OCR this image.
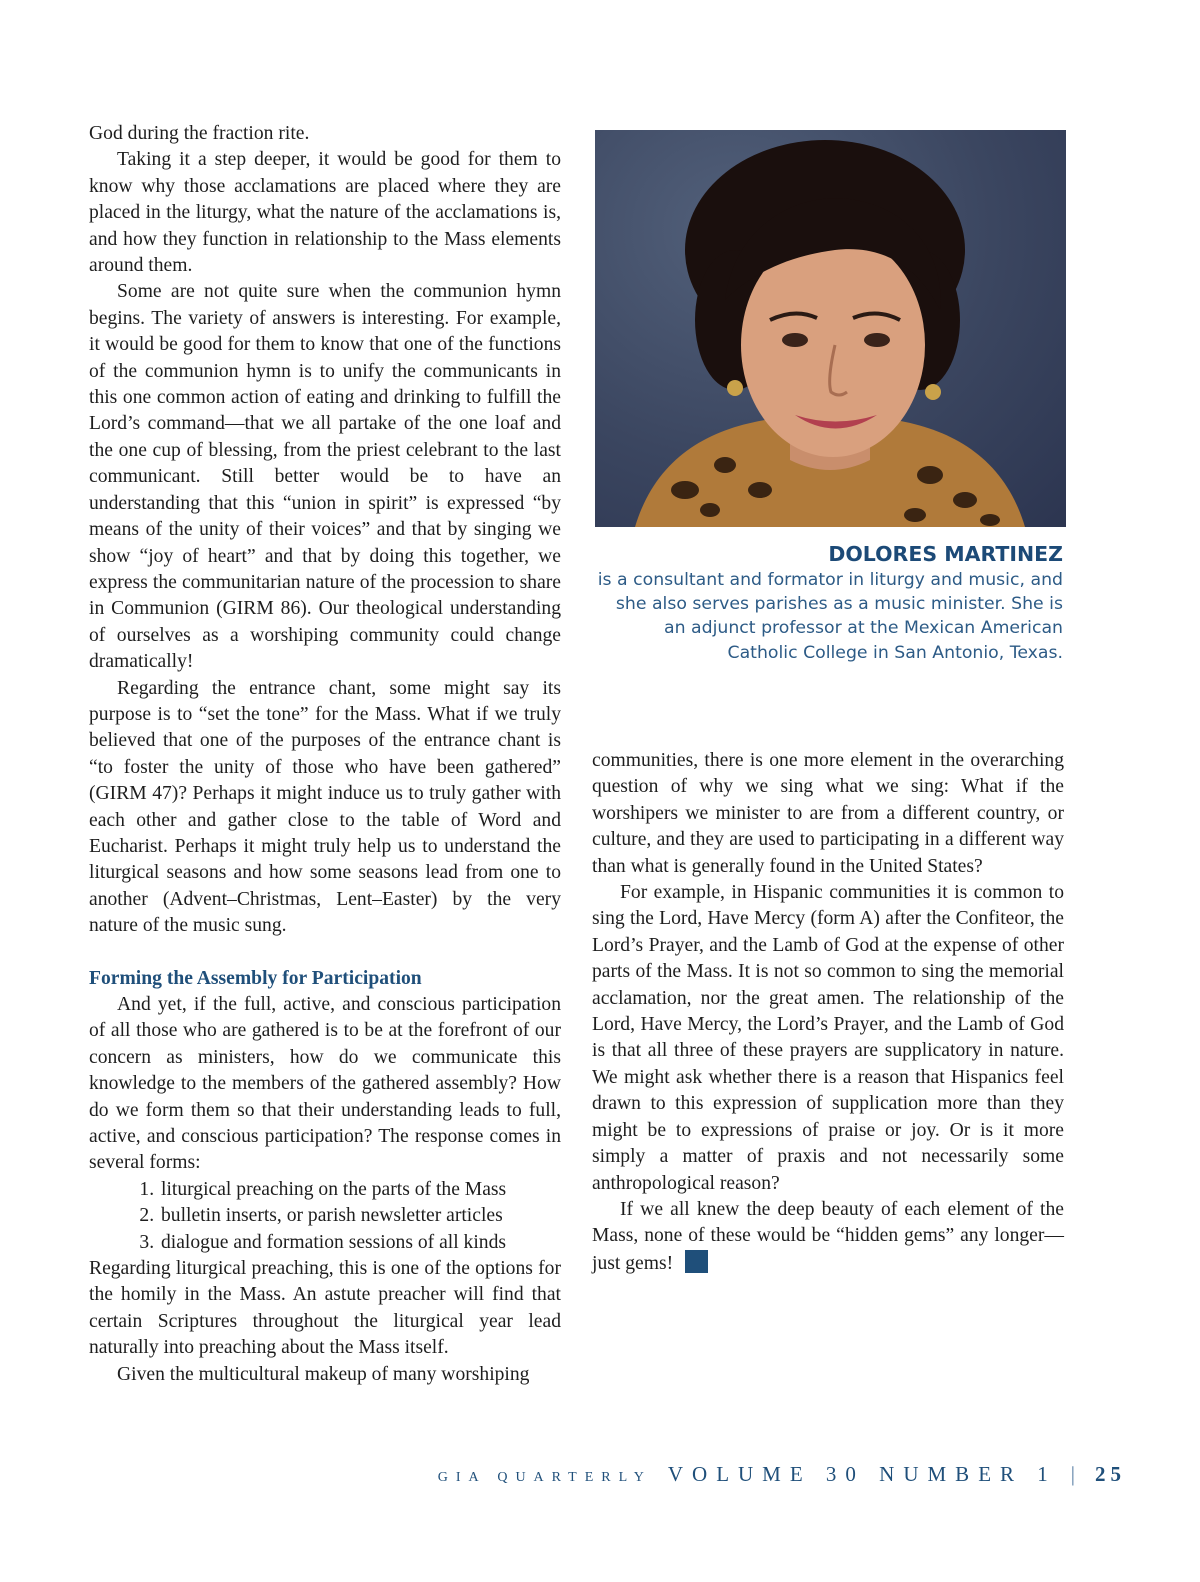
God during the fraction rite.

Taking it a step deeper, it would be good for them to know why those acclamations are placed where they are placed in the liturgy, what the nature of the acclamations is, and how they function in relationship to the Mass elements around them.

Some are not quite sure when the communion hymn begins. The variety of answers is interesting. For example, it would be good for them to know that one of the functions of the communion hymn is to unify the communicants in this one common action of eating and drinking to fulfill the Lord’s command—that we all partake of the one loaf and the one cup of blessing, from the priest celebrant to the last communicant. Still better would be to have an understanding that this “union in spirit” is expressed “by means of the unity of their voices” and that by singing we show “joy of heart” and that by doing this together, we express the communitarian nature of the procession to share in Communion (GIRM 86). Our theological understanding of ourselves as a worshiping community could change dramatically!

Regarding the entrance chant, some might say its purpose is to “set the tone” for the Mass. What if we truly believed that one of the purposes of the entrance chant is “to foster the unity of those who have been gathered” (GIRM 47)? Perhaps it might induce us to truly gather with each other and gather close to the table of Word and Eucharist. Perhaps it might truly help us to understand the liturgical seasons and how some seasons lead from one to another (Advent–Christmas, Lent–Easter) by the very nature of the music sung.

Forming the Assembly for Participation

And yet, if the full, active, and conscious participation of all those who are gathered is to be at the forefront of our concern as ministers, how do we communicate this knowledge to the members of the gathered assembly? How do we form them so that their understanding leads to full, active, and conscious participation? The response comes in several forms:

1. liturgical preaching on the parts of the Mass
2. bulletin inserts, or parish newsletter articles
3. dialogue and formation sessions of all kinds

Regarding liturgical preaching, this is one of the options for the homily in the Mass. An astute preacher will find that certain Scriptures throughout the liturgical year lead naturally into preaching about the Mass itself.

Given the multicultural makeup of many worshiping

DOLORES MARTINEZ
is a consultant and formator in liturgy and music, and she also serves parishes as a music minister. She is an adjunct professor at the Mexican American Catholic College in San Antonio, Texas.

communities, there is one more element in the overarching question of why we sing what we sing: What if the worshipers we minister to are from a different country, or culture, and they are used to participating in a different way than what is generally found in the United States?

For example, in Hispanic communities it is common to sing the Lord, Have Mercy (form A) after the Confiteor, the Lord’s Prayer, and the Lamb of God at the expense of other parts of the Mass. It is not so common to sing the memorial acclamation, nor the great amen. The relationship of the Lord, Have Mercy, the Lord’s Prayer, and the Lamb of God is that all three of these prayers are supplicatory in nature. We might ask whether there is a reason that Hispanics feel drawn to this expression of supplication more than they might be to expressions of praise or joy. Or is it more simply a matter of praxis and not necessarily some anthropological reason?

If we all knew the deep beauty of each element of the Mass, none of these would be “hidden gems” any longer—just gems!

GIA QUARTERLY VOLUME 30 NUMBER 1 | 25
